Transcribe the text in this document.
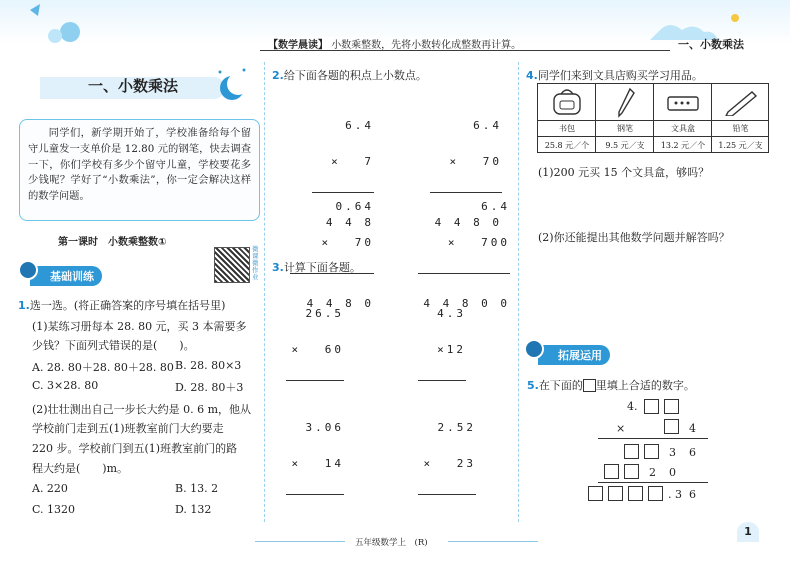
【数学晨读】 小数乘整数，先将小数转化成整数再计算。	一、小数乘法
一、小数乘法
同学们，新学期开始了，学校准备给每个留守儿童发一支单价是 12.80 元的钢笔，快去调查一下，你们学校有多少个留守儿童，学校要花多少钱呢？学好了“小数乘法”，你一定会解决这样的数学问题。
第一课时　小数乘整数①
微课微作业
基础训练
1.选一选。(将正确答案的序号填在括号里)
(1)某练习册每本 28. 80 元，买 3 本需要多
少钱？下面列式错误的是(　　)。
A. 28. 80＋28. 80＋28. 80 B. 28. 80×3
C. 3×28. 80	D. 28. 80＋3
(2)壮壮测出自己一步长大约是 0. 6 m，他从
学校前门走到五(1)班教室前门大约要走
220 步。学校前门到五(1)班教室前门的路
程大约是(　　)m。
A. 220	B. 13. 2
C. 1320	D. 132
2.给下面各题的积点上小数点。

6.4

× 　7

4 4 8

6.4

× 　70

4 4 8 0

0.64

× 　70

4 4 8 0

6.4

× 　700

4 4 8 0 0

3.计算下面各题。

26.5

× 　60

4.3

×12

3.06

× 　14

2.52

× 　23

4.同学们来到文具店购买学习用品。
书包	钢笔	文具盒	铅笔
25.8 元／个	9.5 元／支	13.2 元／个	1.25 元／支
(1)200 元买 15 个文具盒，够吗？
(2)你还能提出其他数学问题并解答吗？
拓展运用
5.在下面的 里填上合适的数字。
4.
×	4
3 6
2 0
. 3 6
五年级数学上　(R)
1
